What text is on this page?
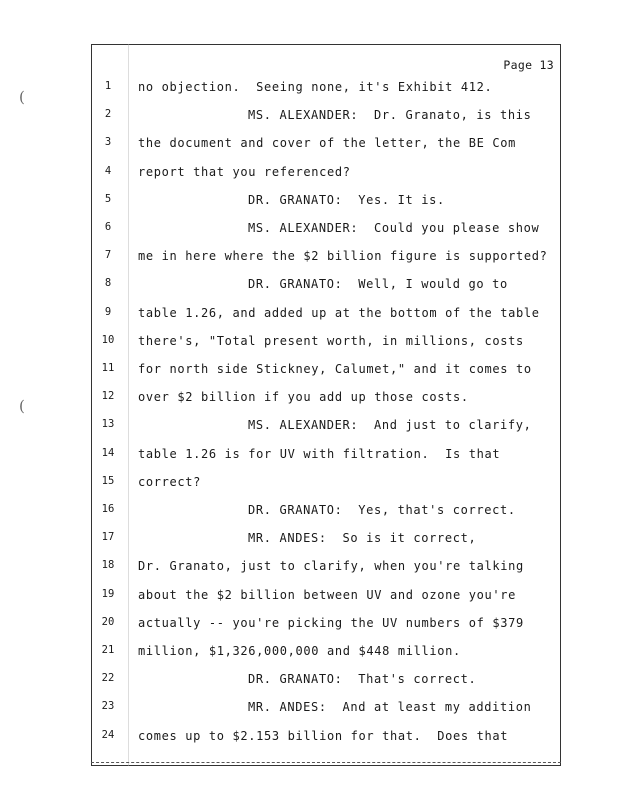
(
(
Page 13
1	no objection.  Seeing none, it's Exhibit 412.
2	MS. ALEXANDER:  Dr. Granato, is this
3	the document and cover of the letter, the BE Com
4	report that you referenced?
5	DR. GRANATO:  Yes. It is.
6	MS. ALEXANDER:  Could you please show
7	me in here where the $2 billion figure is supported?
8	DR. GRANATO:  Well, I would go to
9	table 1.26, and added up at the bottom of the table
10	there's, "Total present worth, in millions, costs
11	for north side Stickney, Calumet," and it comes to
12	over $2 billion if you add up those costs.
13	MS. ALEXANDER:  And just to clarify,
14	table 1.26 is for UV with filtration.  Is that
15	correct?
16	DR. GRANATO:  Yes, that's correct.
17	MR. ANDES:  So is it correct,
18	Dr. Granato, just to clarify, when you're talking
19	about the $2 billion between UV and ozone you're
20	actually -- you're picking the UV numbers of $379
21	million, $1,326,000,000 and $448 million.
22	DR. GRANATO:  That's correct.
23	MR. ANDES:  And at least my addition
24	comes up to $2.153 billion for that.  Does that
